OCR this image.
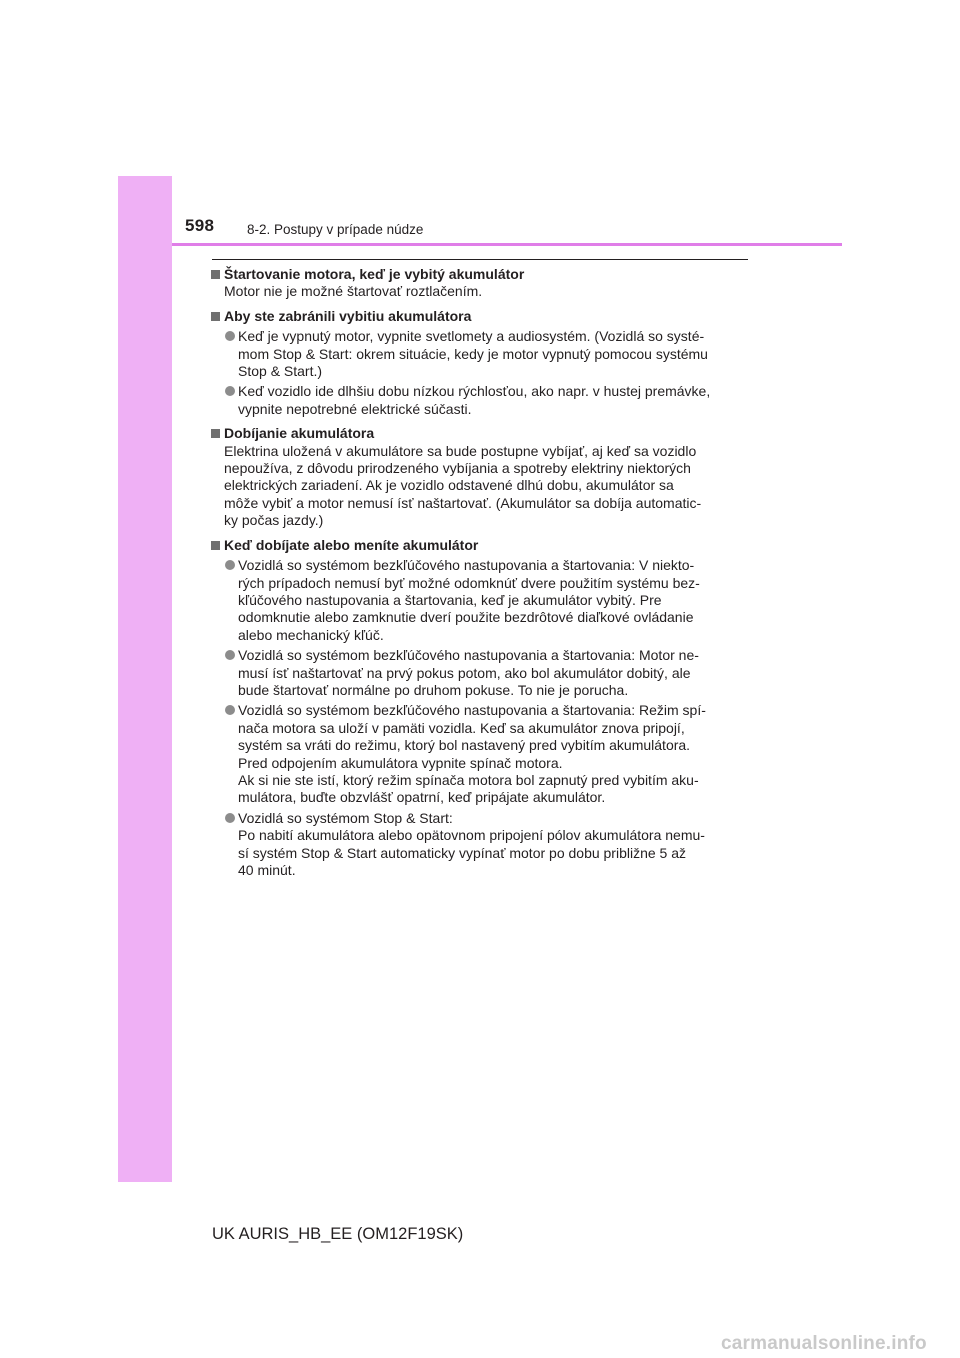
598 8-2. Postupy v prípade núdze
Štartovanie motora, keď je vybitý akumulátor
Motor nie je možné štartovať roztlačením.
Aby ste zabránili vybitiu akumulátora
Keď je vypnutý motor, vypnite svetlomety a audiosystém. (Vozidlá so systé-
mom Stop & Start: okrem situácie, kedy je motor vypnutý pomocou systému
Stop & Start.)
Keď vozidlo ide dlhšiu dobu nízkou rýchlosťou, ako napr. v hustej premávke,
vypnite nepotrebné elektrické súčasti.
Dobíjanie akumulátora
Elektrina uložená v akumulátore sa bude postupne vybíjať, aj keď sa vozidlo
nepoužíva, z dôvodu prirodzeného vybíjania a spotreby elektriny niektorých
elektrických zariadení. Ak je vozidlo odstavené dlhú dobu, akumulátor sa
môže vybiť a motor nemusí ísť naštartovať. (Akumulátor sa dobíja automatic-
ky počas jazdy.)
Keď dobíjate alebo meníte akumulátor
Vozidlá so systémom bezkľúčového nastupovania a štartovania: V niekto-
rých prípadoch nemusí byť možné odomknúť dvere použitím systému bez-
kľúčového nastupovania a štartovania, keď je akumulátor vybitý. Pre
odomknutie alebo zamknutie dverí použite bezdrôtové diaľkové ovládanie
alebo mechanický kľúč.
Vozidlá so systémom bezkľúčového nastupovania a štartovania: Motor ne-
musí ísť naštartovať na prvý pokus potom, ako bol akumulátor dobitý, ale
bude štartovať normálne po druhom pokuse. To nie je porucha.
Vozidlá so systémom bezkľúčového nastupovania a štartovania: Režim spí-
nača motora sa uloží v pamäti vozidla. Keď sa akumulátor znova pripojí,
systém sa vráti do režimu, ktorý bol nastavený pred vybitím akumulátora.
Pred odpojením akumulátora vypnite spínač motora.
Ak si nie ste istí, ktorý režim spínača motora bol zapnutý pred vybitím aku-
mulátora, buďte obzvlášť opatrní, keď pripájate akumulátor.
Vozidlá so systémom Stop & Start:
Po nabití akumulátora alebo opätovnom pripojení pólov akumulátora nemu-
sí systém Stop & Start automaticky vypínať motor po dobu približne 5 až
40 minút.
UK AURIS_HB_EE (OM12F19SK)
carmanualsonline.info
